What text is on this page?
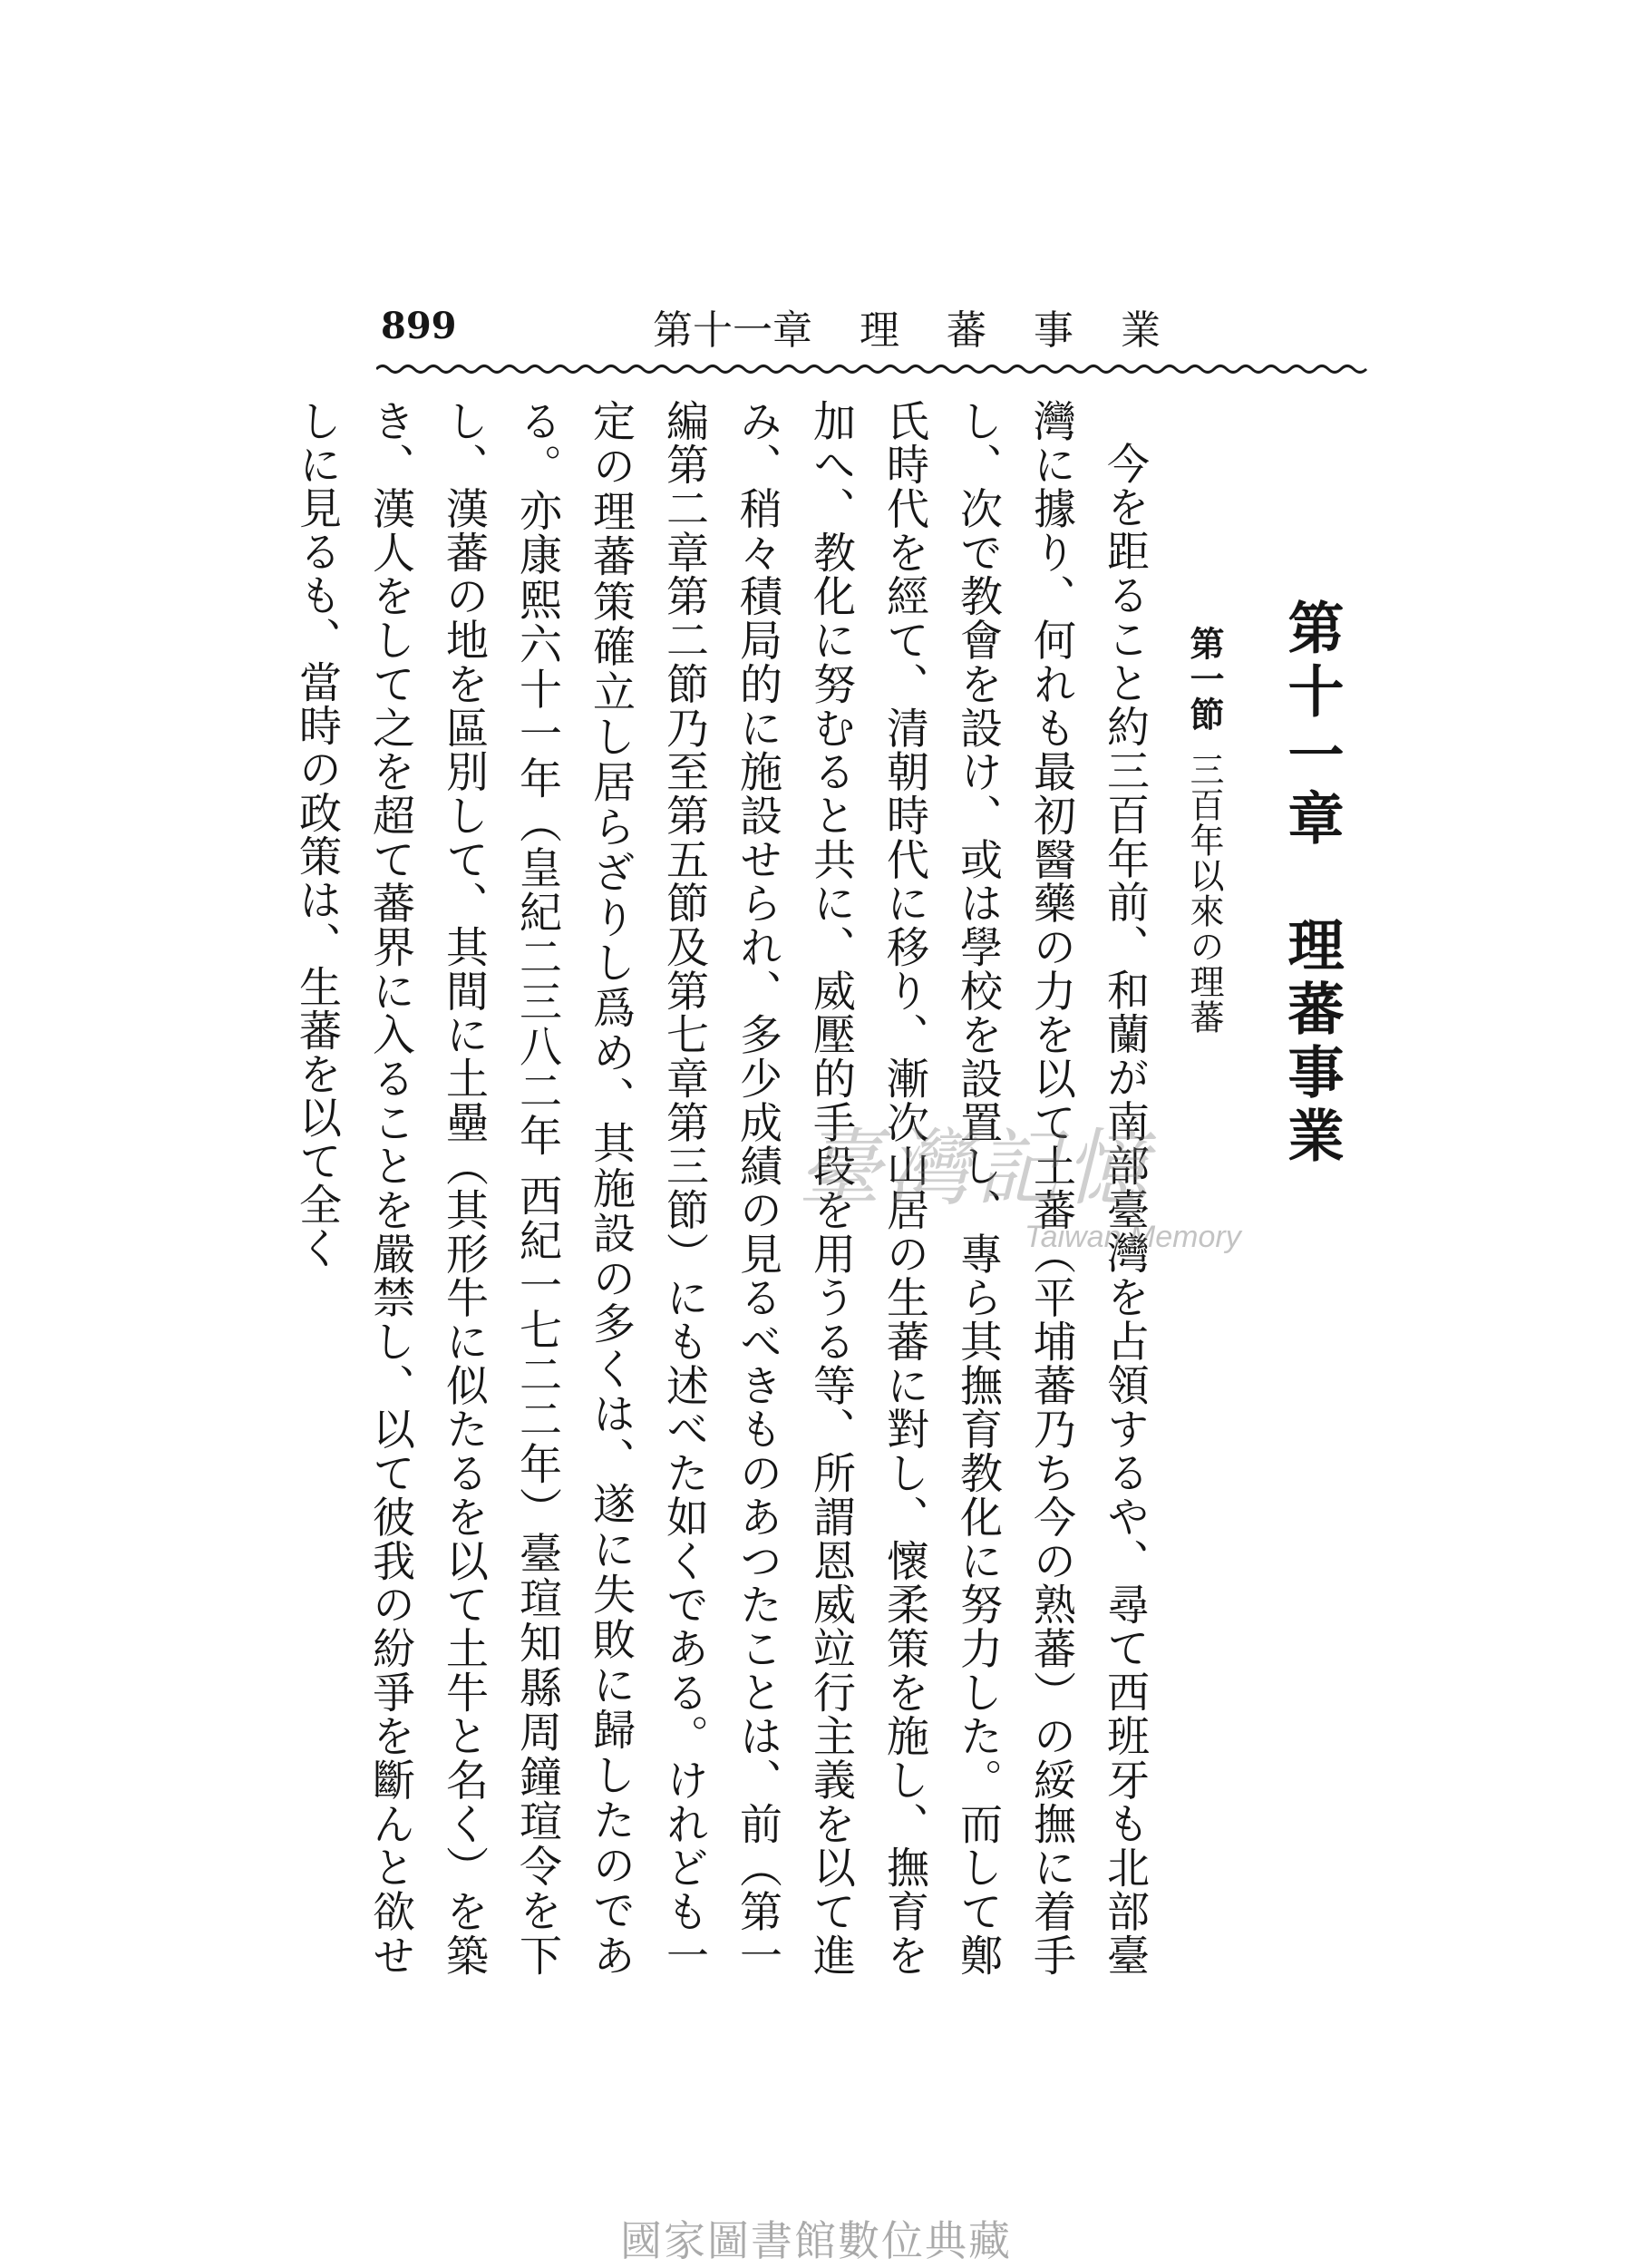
899	第十一章 理 蕃 事 業
第十一章　理蕃事業
第一節三百年以來の理蕃
今を距ること約三百年前、和蘭が南部臺灣を占領するや、尋て西班牙も北部臺灣に據り、何れも最初醫藥の力を以て土蕃（平埔蕃乃ち今の熟蕃）の綏撫に着手し、次で教會を設け、或は學校を設置し、專ら其撫育教化に努力した。而して鄭氏時代を經て、清朝時代に移り、漸次山居の生蕃に對し、懷柔策を施し、撫育を加へ、教化に努むると共に、威壓的手段を用うる等、所謂恩威竝行主義を以て進み、稍々積局的に施設せられ、多少成績の見るべきものあつたことは、前（第一編第二章第二節乃至第五節及第七章第三節）にも述べた如くである。けれども一定の理蕃策確立し居らざりし爲め、其施設の多くは、遂に失敗に歸したのである。亦康熙六十一年（皇紀二三八二年 西紀一七二二年）臺瑄知縣周鐘瑄令を下し、漢蕃の地を區別して、其間に土壘（其形牛に似たるを以て土牛と名く）を築き、漢人をして之を超て蕃界に入ることを嚴禁し、以て彼我の紛爭を斷んと欲せしに見るも、當時の政策は、生蕃を以て全く	臺灣記憶
Taiwan Memory
國家圖書館數位典藏
